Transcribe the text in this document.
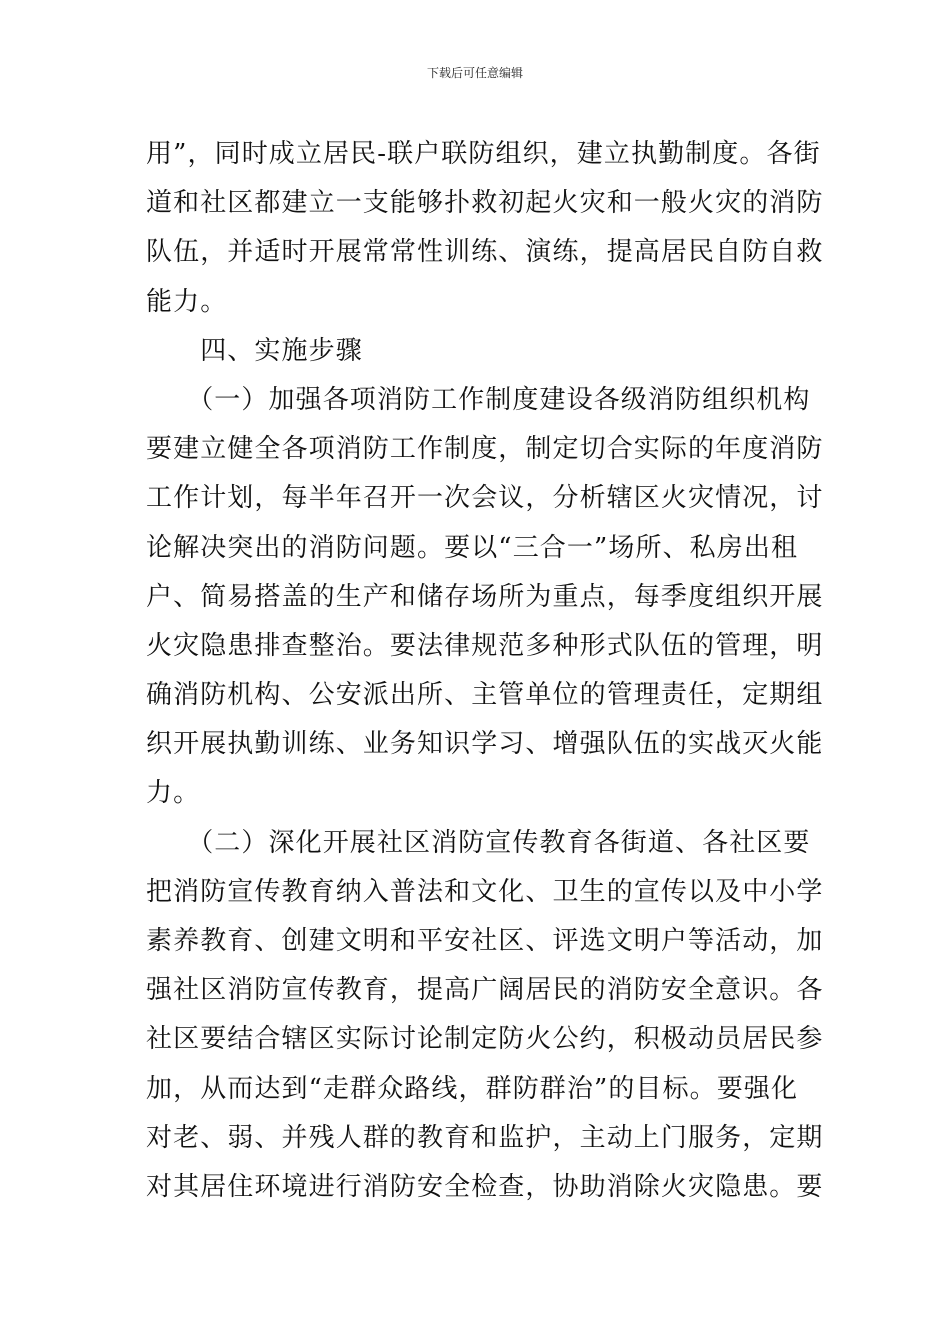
下载后可任意编辑
用”，同时成立居民-联户联防组织，建立执勤制度。各街
道和社区都建立一支能够扑救初起火灾和一般火灾的消防
队伍，并适时开展常常性训练、演练，提高居民自防自救
能力。
　　四、实施步骤
　　（一）加强各项消防工作制度建设各级消防组织机构
要建立健全各项消防工作制度，制定切合实际的年度消防
工作计划，每半年召开一次会议，分析辖区火灾情况，讨
论解决突出的消防问题。要以“三合一”场所、私房出租
户、简易搭盖的生产和储存场所为重点，每季度组织开展
火灾隐患排查整治。要法律规范多种形式队伍的管理，明
确消防机构、公安派出所、主管单位的管理责任，定期组
织开展执勤训练、业务知识学习、增强队伍的实战灭火能
力。
　　（二）深化开展社区消防宣传教育各街道、各社区要
把消防宣传教育纳入普法和文化、卫生的宣传以及中小学
素养教育、创建文明和平安社区、评选文明户等活动，加
强社区消防宣传教育，提高广阔居民的消防安全意识。各
社区要结合辖区实际讨论制定防火公约，积极动员居民参
加，从而达到“走群众路线，群防群治”的目标。要强化
对老、弱、并残人群的教育和监护，主动上门服务，定期
对其居住环境进行消防安全检查，协助消除火灾隐患。要
